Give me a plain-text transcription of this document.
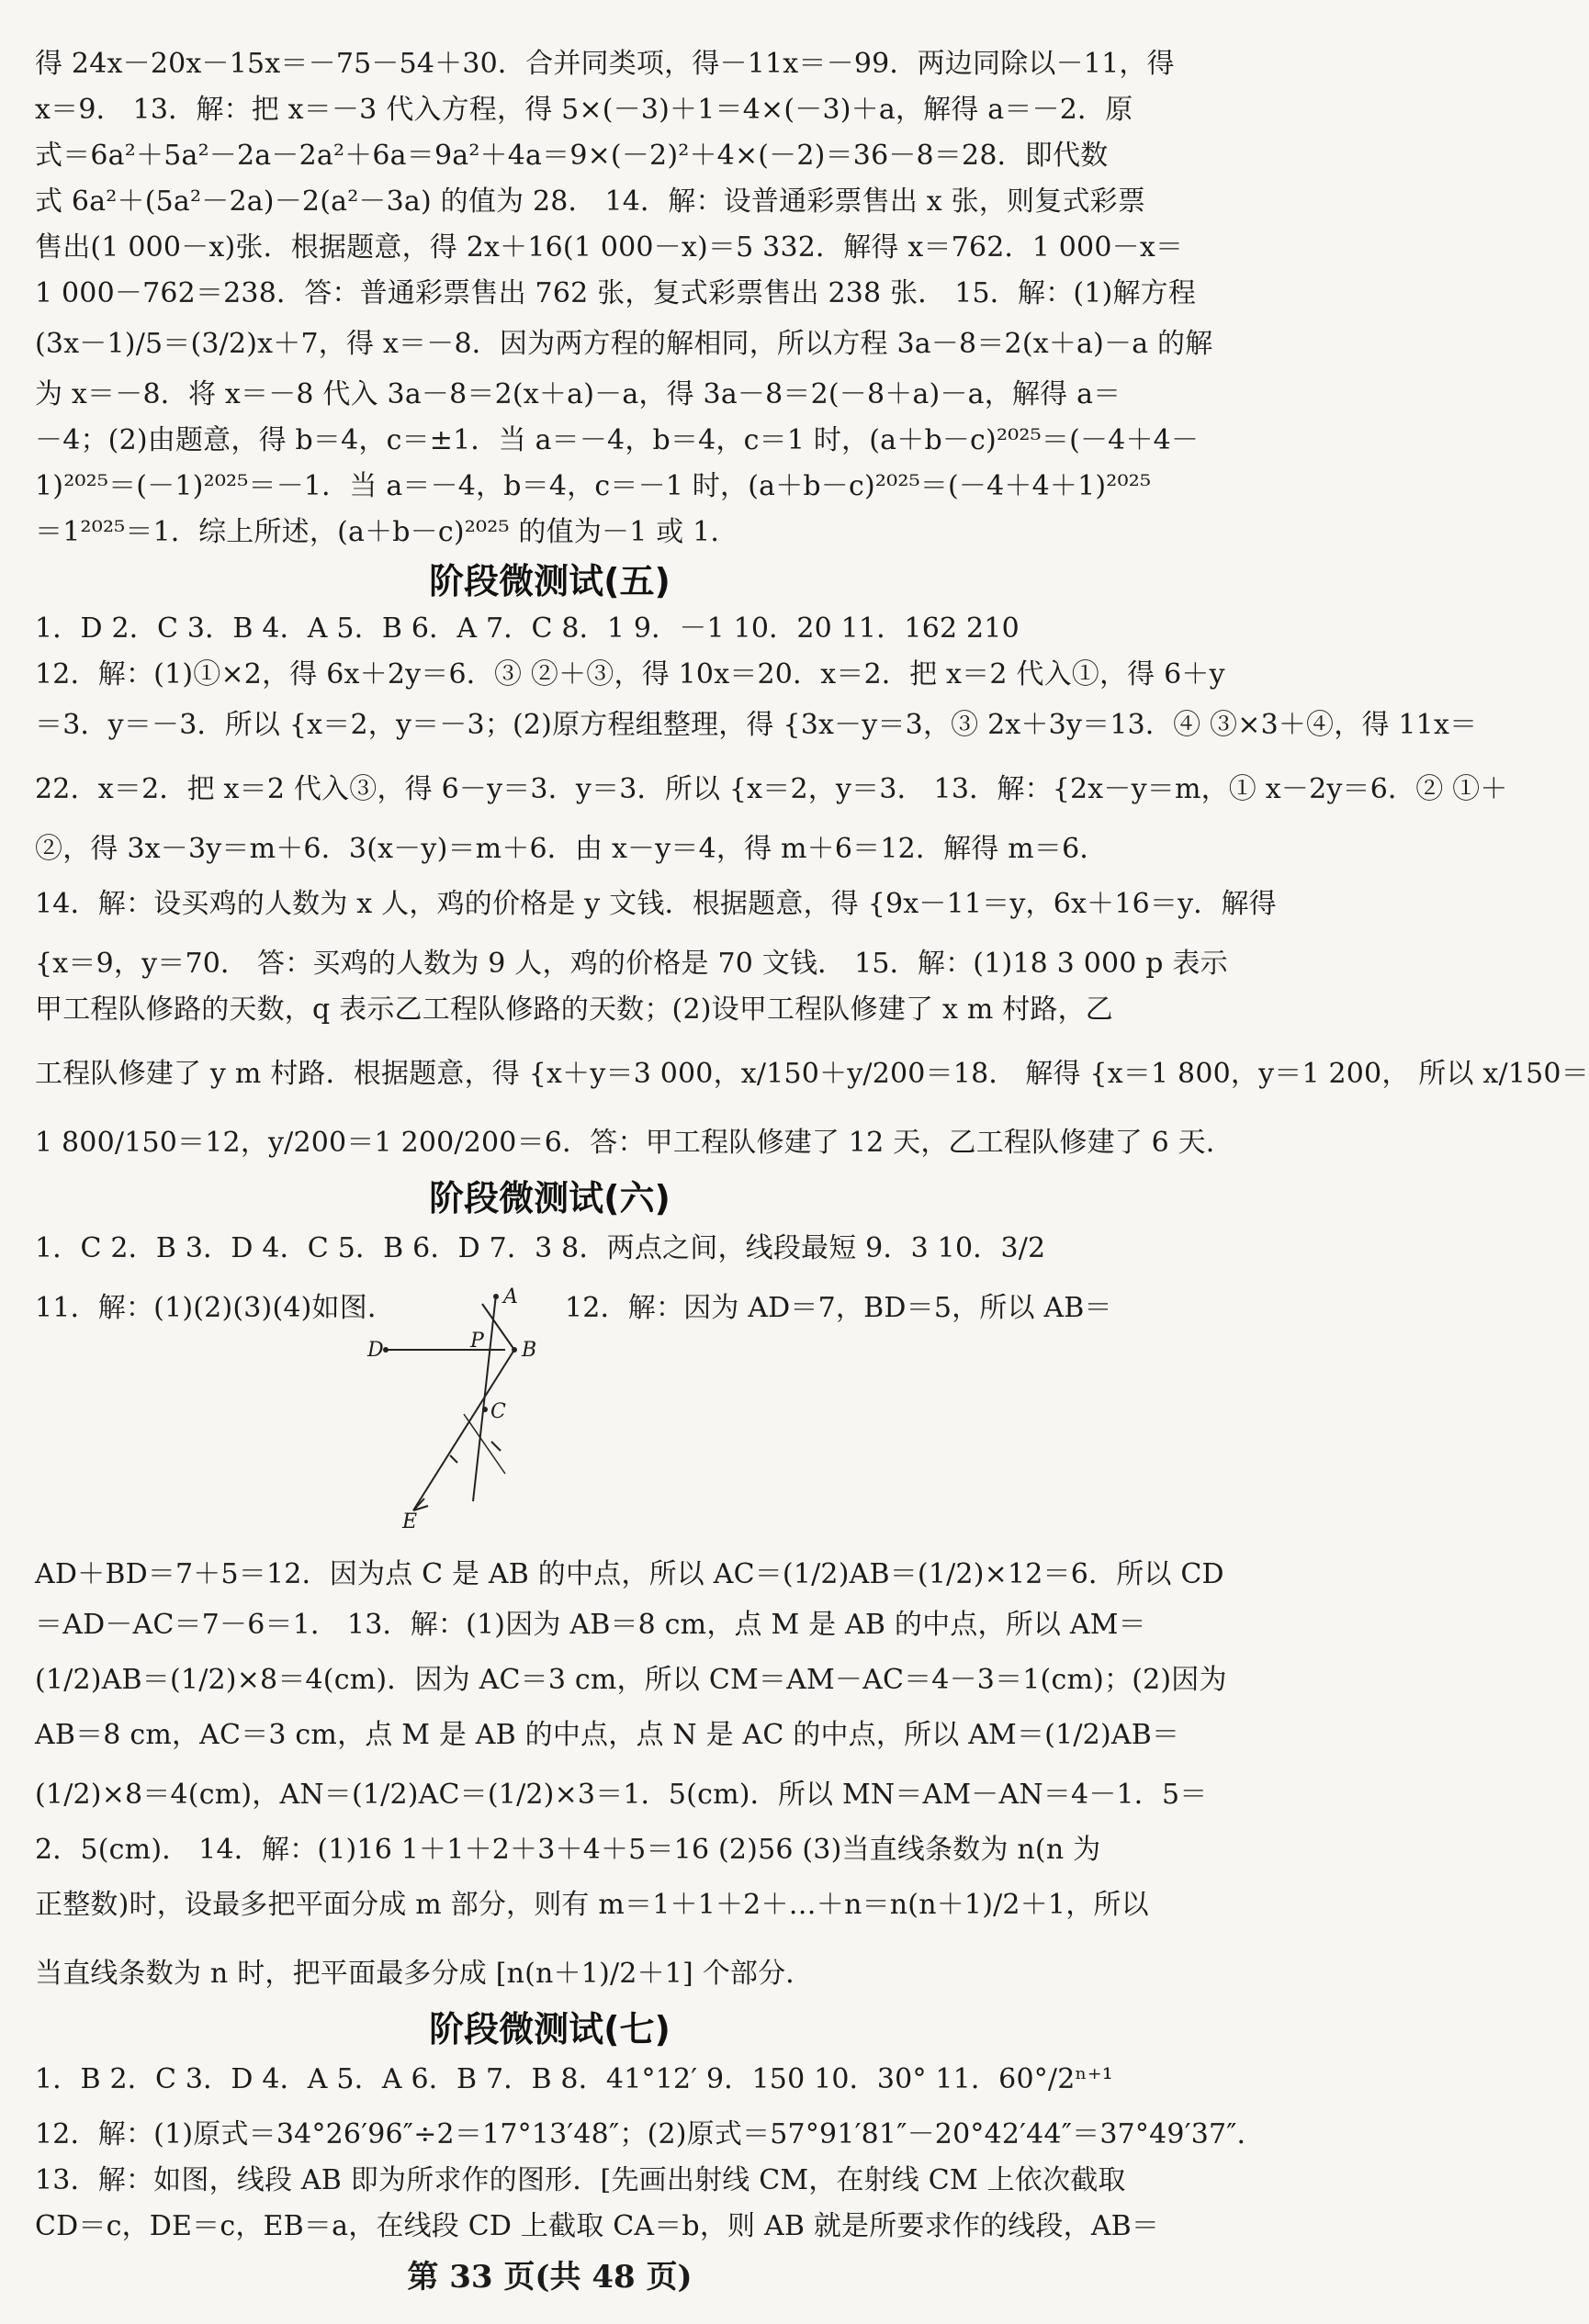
得 24x－20x－15x＝－75－54＋30．合并同类项，得－11x＝－99．两边同除以－11，得
x＝9． 13．解：把 x＝－3 代入方程，得 5×(－3)＋1＝4×(－3)＋a，解得 a＝－2．原
式＝6a²＋5a²－2a－2a²＋6a＝9a²＋4a＝9×(－2)²＋4×(－2)＝36－8＝28．即代数
式 6a²＋(5a²－2a)－2(a²－3a) 的值为 28． 14．解：设普通彩票售出 x 张，则复式彩票
售出(1 000－x)张．根据题意，得 2x＋16(1 000－x)＝5 332．解得 x＝762．1 000－x＝
1 000－762＝238．答：普通彩票售出 762 张，复式彩票售出 238 张． 15．解：(1)解方程
(3x－1)/5＝(3/2)x＋7，得 x＝－8．因为两方程的解相同，所以方程 3a－8＝2(x＋a)－a 的解
为 x＝－8．将 x＝－8 代入 3a－8＝2(x＋a)－a，得 3a－8＝2(－8＋a)－a，解得 a＝
－4；(2)由题意，得 b＝4，c＝±1．当 a＝－4，b＝4，c＝1 时，(a＋b－c)²⁰²⁵＝(－4＋4－
1)²⁰²⁵＝(－1)²⁰²⁵＝－1．当 a＝－4，b＝4，c＝－1 时，(a＋b－c)²⁰²⁵＝(－4＋4＋1)²⁰²⁵
＝1²⁰²⁵＝1．综上所述，(a＋b－c)²⁰²⁵ 的值为－1 或 1．
阶段微测试(五)
1．D 2．C 3．B 4．A 5．B 6．A 7．C 8．1 9．－1 10．20 11．162 210
12．解：(1)①×2，得 6x＋2y＝6．③ ②＋③，得 10x＝20．x＝2．把 x＝2 代入①，得 6＋y
＝3．y＝－3．所以 {x＝2，y＝－3；(2)原方程组整理，得 {3x－y＝3，③ 2x＋3y＝13．④ ③×3＋④，得 11x＝
22．x＝2．把 x＝2 代入③，得 6－y＝3．y＝3．所以 {x＝2，y＝3． 13．解：{2x－y＝m，① x－2y＝6．② ①＋
②，得 3x－3y＝m＋6．3(x－y)＝m＋6．由 x－y＝4，得 m＋6＝12．解得 m＝6．
14．解：设买鸡的人数为 x 人，鸡的价格是 y 文钱．根据题意，得 {9x－11＝y，6x＋16＝y．解得
{x＝9，y＝70． 答：买鸡的人数为 9 人，鸡的价格是 70 文钱． 15．解：(1)18 3 000 p 表示
甲工程队修路的天数，q 表示乙工程队修路的天数；(2)设甲工程队修建了 x m 村路，乙
工程队修建了 y m 村路．根据题意，得 {x＋y＝3 000，x/150＋y/200＝18． 解得 {x＝1 800，y＝1 200， 所以 x/150＝
1 800/150＝12，y/200＝1 200/200＝6．答：甲工程队修建了 12 天，乙工程队修建了 6 天．
阶段微测试(六)
1．C 2．B 3．D 4．C 5．B 6．D 7．3 8．两点之间，线段最短 9．3 10．3/2
11．解：(1)(2)(3)(4)如图．	12．解：因为 AD＝7，BD＝5，所以 AB＝
A
P B
C
D
E
AD＋BD＝7＋5＝12．因为点 C 是 AB 的中点，所以 AC＝(1/2)AB＝(1/2)×12＝6．所以 CD
＝AD－AC＝7－6＝1． 13．解：(1)因为 AB＝8 cm，点 M 是 AB 的中点，所以 AM＝
(1/2)AB＝(1/2)×8＝4(cm)．因为 AC＝3 cm，所以 CM＝AM－AC＝4－3＝1(cm)；(2)因为
AB＝8 cm，AC＝3 cm，点 M 是 AB 的中点，点 N 是 AC 的中点，所以 AM＝(1/2)AB＝
(1/2)×8＝4(cm)，AN＝(1/2)AC＝(1/2)×3＝1．5(cm)．所以 MN＝AM－AN＝4－1．5＝
2．5(cm)． 14．解：(1)16 1＋1＋2＋3＋4＋5＝16 (2)56 (3)当直线条数为 n(n 为
正整数)时，设最多把平面分成 m 部分，则有 m＝1＋1＋2＋…＋n＝n(n＋1)/2＋1，所以
当直线条数为 n 时，把平面最多分成 [n(n＋1)/2＋1] 个部分．
阶段微测试(七)
1．B 2．C 3．D 4．A 5．A 6．B 7．B 8．41°12′ 9．150 10．30° 11．60°/2ⁿ⁺¹
12．解：(1)原式＝34°26′96″÷2＝17°13′48″；(2)原式＝57°91′81″－20°42′44″＝37°49′37″．
13．解：如图，线段 AB 即为所求作的图形．[先画出射线 CM，在射线 CM 上依次截取
CD＝c，DE＝c，EB＝a，在线段 CD 上截取 CA＝b，则 AB 就是所要求作的线段，AB＝
第 33 页(共 48 页)
